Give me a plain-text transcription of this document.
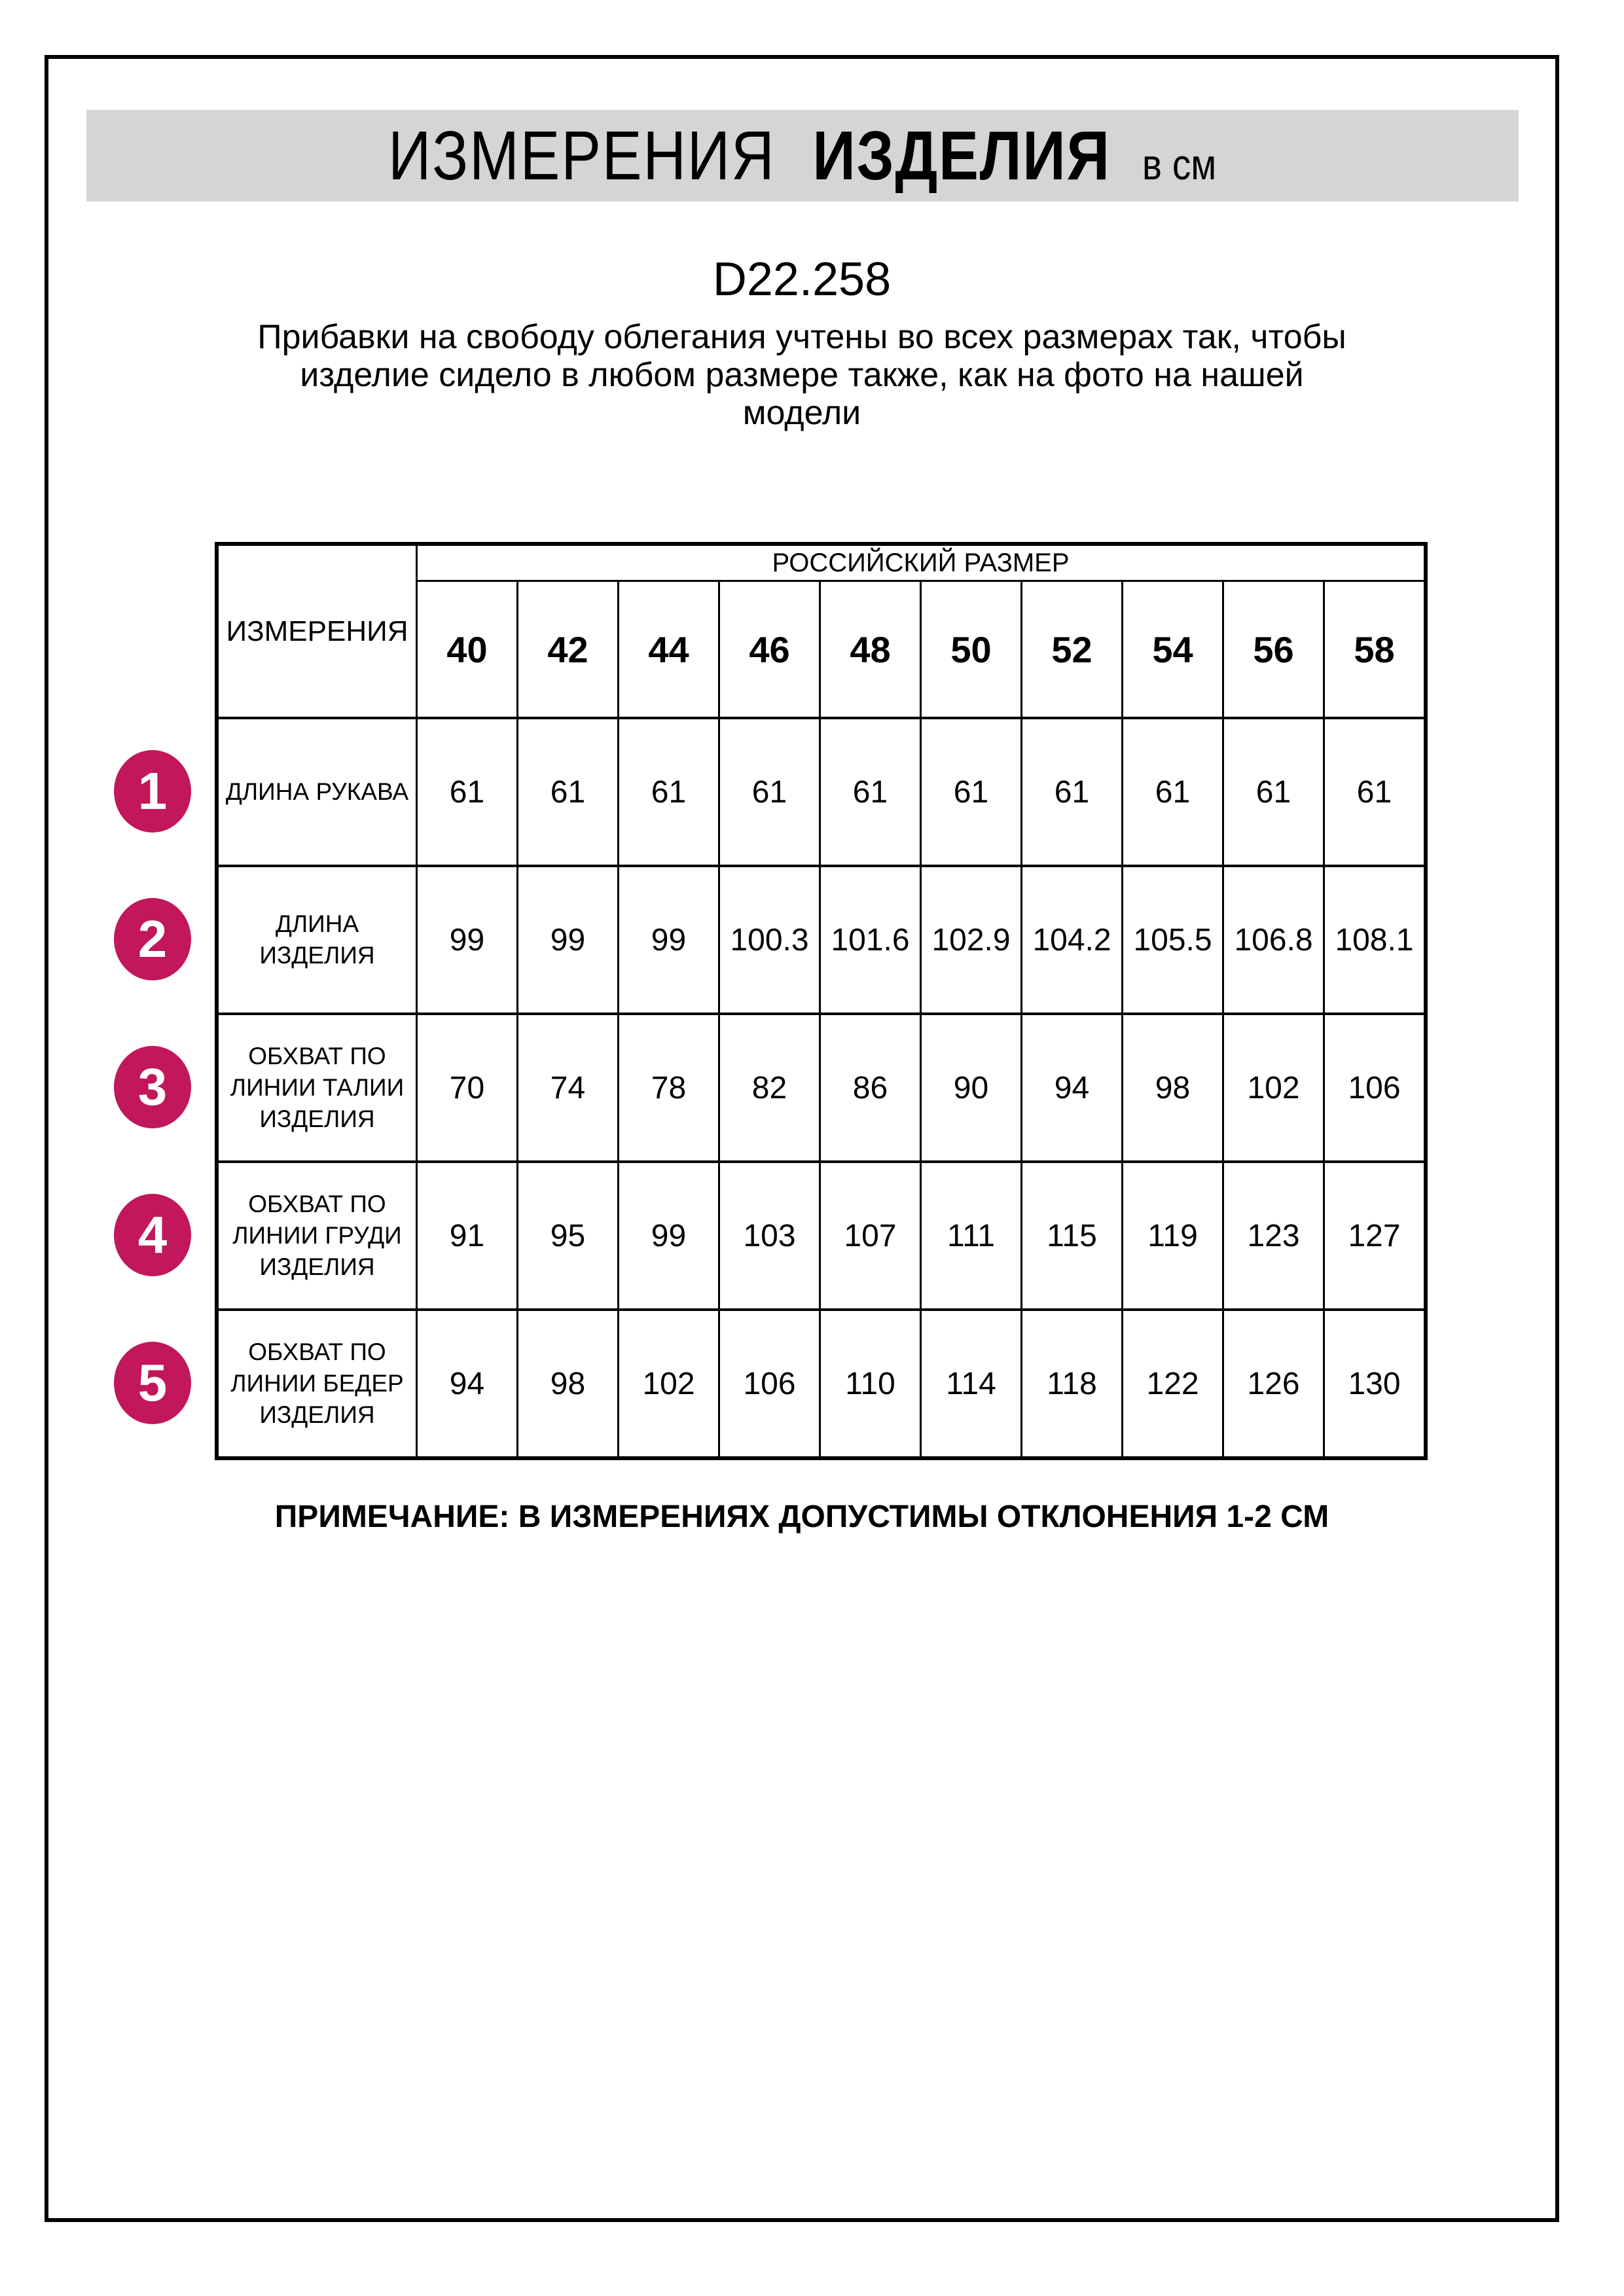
ИЗМЕРЕНИЯ ИЗДЕЛИЯ в см
D22.258
Прибавки на свободу облегания учтены во всех размерах так, чтобы
изделие сидело в любом размере также, как на фото на нашей
модели
ИЗМЕРЕНИЯ	РОССИЙСКИЙ РАЗМЕР									
	40	42	44	46	48	50	52	54	56	58
ДЛИНА РУКАВА	61	61	61	61	61	61	61	61	61	61
ДЛИНА ИЗДЕЛИЯ	99	99	99	100.3	101.6	102.9	104.2	105.5	106.8	108.1
ОБХВАТ ПО ЛИНИИ ТАЛИИ ИЗДЕЛИЯ	70	74	78	82	86	90	94	98	102	106
ОБХВАТ ПО ЛИНИИ ГРУДИ ИЗДЕЛИЯ	91	95	99	103	107	111	115	119	123	127
ОБХВАТ ПО ЛИНИИ БЕДЕР ИЗДЕЛИЯ	94	98	102	106	110	114	118	122	126	130
1
2
3
4
5
ПРИМЕЧАНИЕ: В ИЗМЕРЕНИЯХ ДОПУСТИМЫ ОТКЛОНЕНИЯ 1-2 СМ
